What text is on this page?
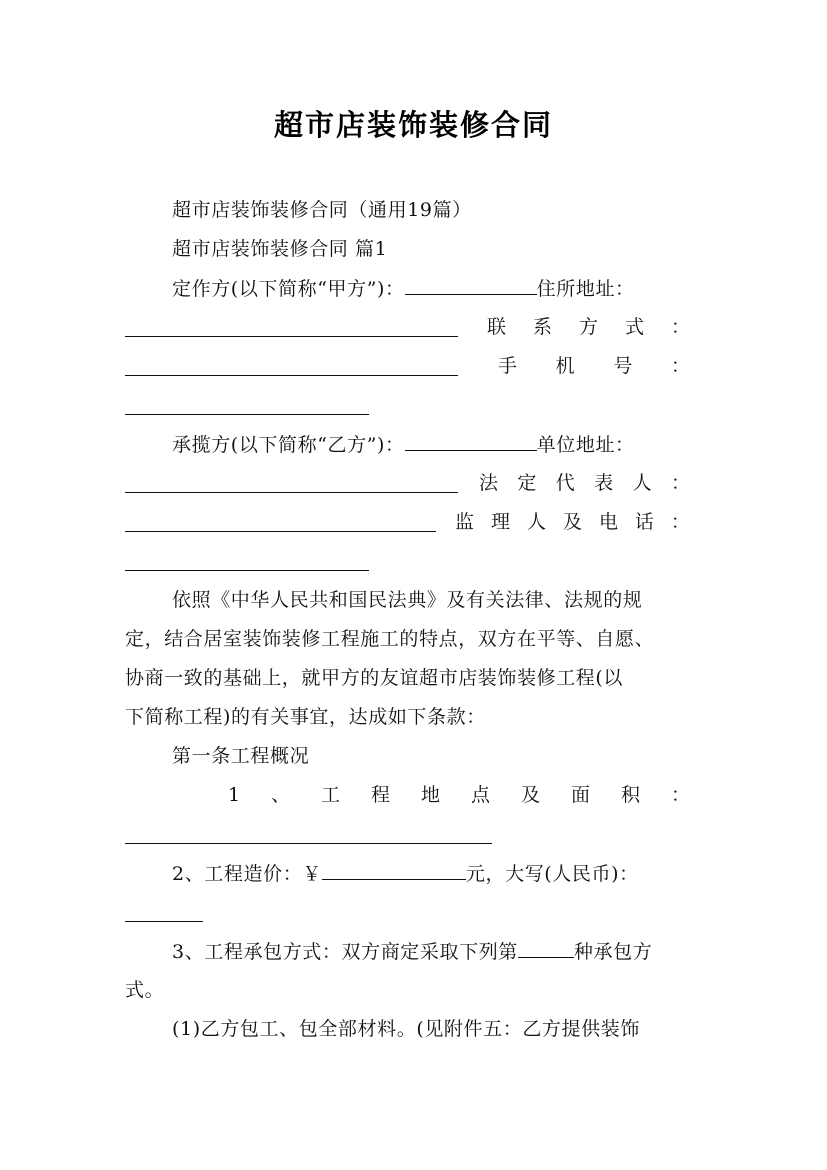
超市店装饰装修合同
超市店装饰装修合同（通用19篇）
超市店装饰装修合同 篇1
定作方(以下简称“甲方”)：	住所地址：
联 系 方 式 ：
手 机 号 ：
承揽方(以下简称“乙方”)：	单位地址：
法 定 代 表 人 ：
监 理 人 及 电 话 ：
依照《中华人民共和国民法典》及有关法律、法规的规
定，结合居室装饰装修工程施工的特点，双方在平等、自愿、
协商一致的基础上，就甲方的友谊超市店装饰装修工程(以
下简称工程)的有关事宜，达成如下条款：
第一条工程概况
1 、 工 程 地 点 及 面 积 ：
2、工程造价：￥	元，大写(人民币)：
3、工程承包方式：双方商定采取下列第	种承包方
式。
(1)乙方包工、包全部材料。(见附件五：乙方提供装饰
